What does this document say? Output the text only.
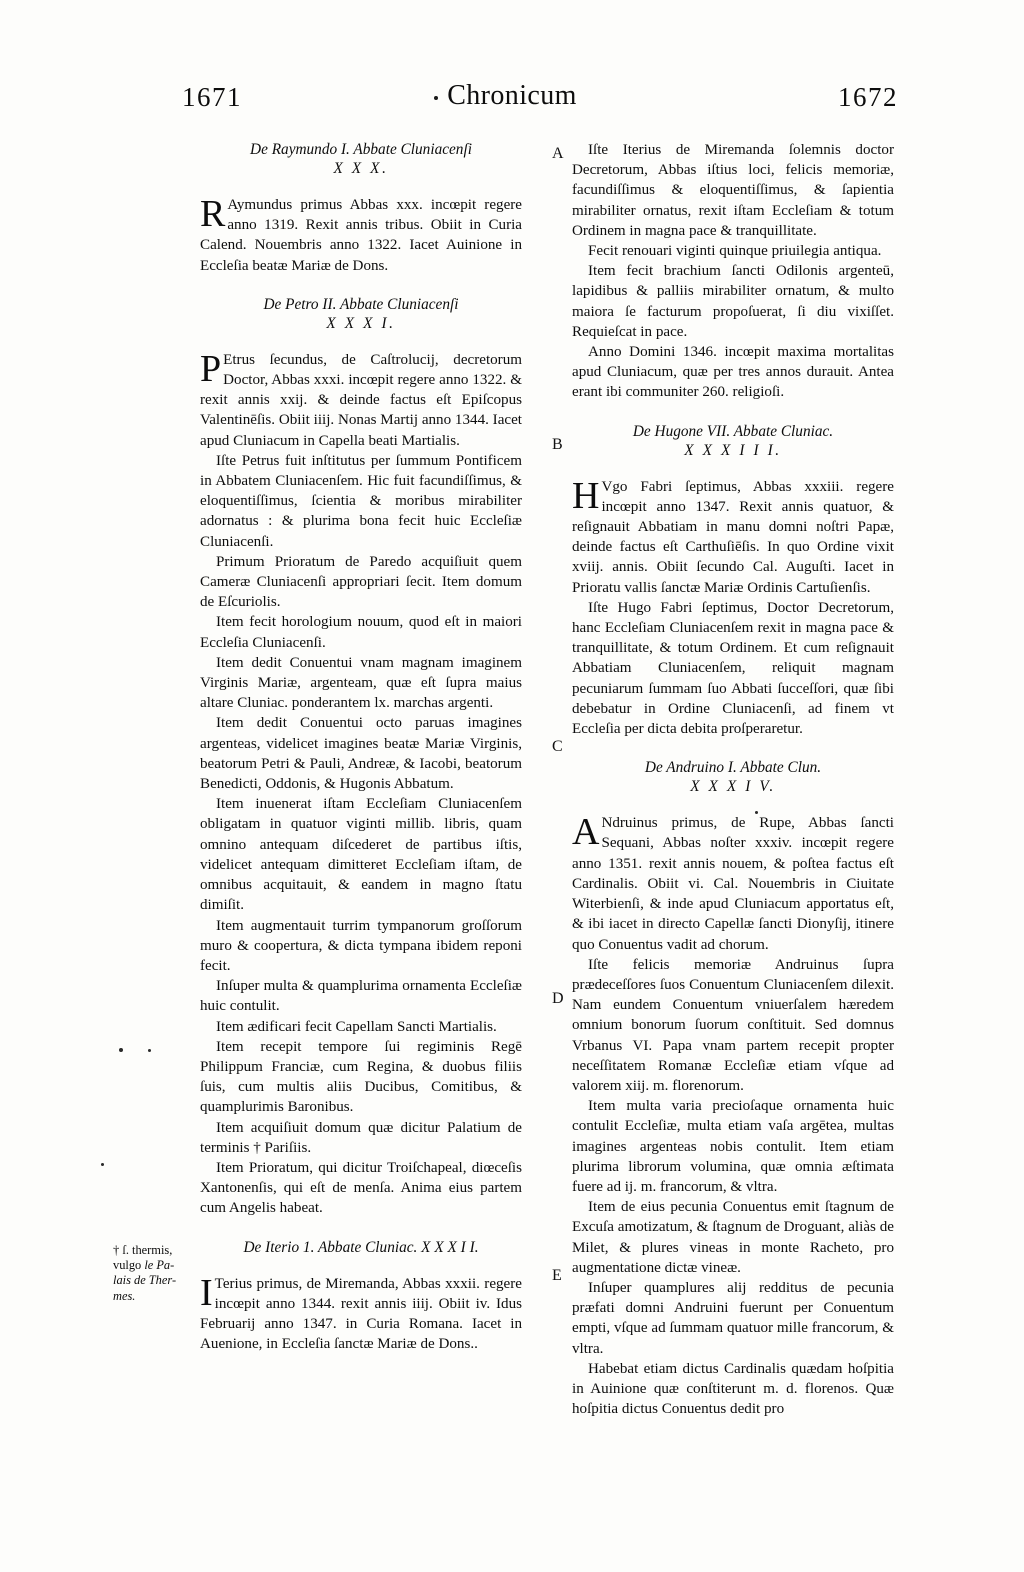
1671	Chronicum	1672
A
B
C
D
E
† ſ. thermis,
vulgo le Pa-
lais de Ther-
mes.
De Raymundo I. Abbate Cluniacenſi
X X X.

R Aymundus primus Abbas xxx. incœpit regere anno 1319. Rexit annis tribus. Obiit in Curia Calend. Nouembris anno 1322. Iacet Auinione in Eccleſia beatæ Mariæ de Dons.

De Petro II. Abbate Cluniacenſi
X X X I.

P Etrus ſecundus, de Caſtrolucij, decretorum Doctor, Abbas xxxi. incœpit regere anno 1322. & rexit annis xxij. & deinde factus eſt Epiſcopus Valentinēſis. Obiit iiij. Nonas Martij anno 1344. Iacet apud Cluniacum in Capella beati Martialis.

Iſte Petrus fuit inſtitutus per ſummum Pontificem in Abbatem Cluniacenſem. Hic fuit facundiſſimus, & eloquentiſſimus, ſcientia & moribus mirabiliter adornatus : & plurima bona fecit huic Eccleſiæ Cluniacenſi.

Primum Prioratum de Paredo acquiſiuit quem Cameræ Cluniacenſi appropriari ſecit. Item domum de Eſcuriolis.

Item fecit horologium nouum, quod eſt in maiori Eccleſia Cluniacenſi.

Item dedit Conuentui vnam magnam imaginem Virginis Mariæ, argenteam, quæ eſt ſupra maius altare Cluniac. ponderantem lx. marchas argenti.

Item dedit Conuentui octo paruas imagines argenteas, videlicet imagines beatæ Mariæ Virginis, beatorum Petri & Pauli, Andreæ, & Iacobi, beatorum Benedicti, Oddonis, & Hugonis Abbatum.

Item inuenerat iſtam Eccleſiam Cluniacenſem obligatam in quatuor viginti millib. libris, quam omnino antequam diſcederet de partibus iſtis, videlicet antequam dimitteret Eccleſiam iſtam, de omnibus acquitauit, & eandem in magno ſtatu dimiſit.

Item augmentauit turrim tympanorum groſſorum muro & coopertura, & dicta tympana ibidem reponi fecit.

Inſuper multa & quamplurima ornamenta Eccleſiæ huic contulit.

Item ædificari fecit Capellam Sancti Martialis.

Item recepit tempore ſui regiminis Regē Philippum Franciæ, cum Regina, & duobus filiis ſuis, cum multis aliis Ducibus, Comitibus, & quamplurimis Baronibus.

Item acquiſiuit domum quæ dicitur Palatium de terminis † Pariſiis.

Item Prioratum, qui dicitur Troiſchapeal, diœceſis Xantonenſis, qui eſt de menſa. Anima eius partem cum Angelis habeat.

De Iterio 1. Abbate Cluniac. X X X I I.

I Terius primus, de Miremanda, Abbas xxxii. regere incœpit anno 1344. rexit annis iiij. Obiit iv. Idus Februarij anno 1347. in Curia Romana. Iacet in Auenione, in Eccleſia ſanctæ Mariæ de Dons..

Iſte Iterius de Miremanda ſolemnis doctor Decretorum, Abbas iſtius loci, felicis memoriæ, facundiſſimus & eloquentiſſimus, & ſapientia mirabiliter ornatus, rexit iſtam Eccleſiam & totum Ordinem in magna pace & tranquillitate.

Fecit renouari viginti quinque priuilegia antiqua.

Item fecit brachium ſancti Odilonis argenteū, lapidibus & palliis mirabiliter ornatum, & multo maiora ſe facturum propoſuerat, ſi diu vixiſſet. Requieſcat in pace.

Anno Domini 1346. incœpit maxima mortalitas apud Cluniacum, quæ per tres annos durauit. Antea erant ibi communiter 260. religioſi.

De Hugone VII. Abbate Cluniac.
X X X I I I.

H Vgo Fabri ſeptimus, Abbas xxxiii. regere incœpit anno 1347. Rexit annis quatuor, & reſignauit Abbatiam in manu domni noſtri Papæ, deinde factus eſt Carthuſiēſis. In quo Ordine vixit xviij. annis. Obiit ſecundo Cal. Auguſti. Iacet in Prioratu vallis ſanctæ Mariæ Ordinis Cartuſienſis.

Iſte Hugo Fabri ſeptimus, Doctor Decretorum, hanc Eccleſiam Cluniacenſem rexit in magna pace & tranquillitate, & totum Ordinem. Et cum reſignauit Abbatiam Cluniacenſem, reliquit magnam pecuniarum ſummam ſuo Abbati ſucceſſori, quæ ſibi debebatur in Ordine Cluniacenſi, ad finem vt Eccleſia per dicta debita proſperaretur.

De Andruino I. Abbate Clun.
X X X I V.

A Ndruinus primus, de Rupe, Abbas ſancti Sequani, Abbas noſter xxxiv. incœpit regere anno 1351. rexit annis nouem, & poſtea factus eſt Cardinalis. Obiit vi. Cal. Nouembris in Ciuitate Witerbienſi, & inde apud Cluniacum apportatus eſt, & ibi iacet in directo Capellæ ſancti Dionyſij, itinere quo Conuentus vadit ad chorum.

Iſte felicis memoriæ Andruinus ſupra prædeceſſores ſuos Conuentum Cluniacenſem dilexit. Nam eundem Conuentum vniuerſalem hæredem omnium bonorum ſuorum conſtituit. Sed domnus Vrbanus VI. Papa vnam partem recepit propter neceſſitatem Romanæ Eccleſiæ etiam vſque ad valorem xiij. m. florenorum.

Item multa varia precioſaque ornamenta huic contulit Eccleſiæ, multa etiam vaſa argētea, multas imagines argenteas nobis contulit. Item etiam plurima librorum volumina, quæ omnia æſtimata fuere ad ij. m. francorum, & vltra.

Item de eius pecunia Conuentus emit ſtagnum de Excuſa amotizatum, & ſtagnum de Droguant, aliàs de Milet, & plures vineas in monte Racheto, pro augmentatione dictæ vineæ.

Inſuper quamplures alij redditus de pecunia præfati domni Andruini fuerunt per Conuentum empti, vſque ad ſummam quatuor mille francorum, & vltra.

Habebat etiam dictus Cardinalis quædam hoſpitia in Auinione quæ conſtiterunt m. d. florenos. Quæ hoſpitia dictus Conuentus dedit pro
